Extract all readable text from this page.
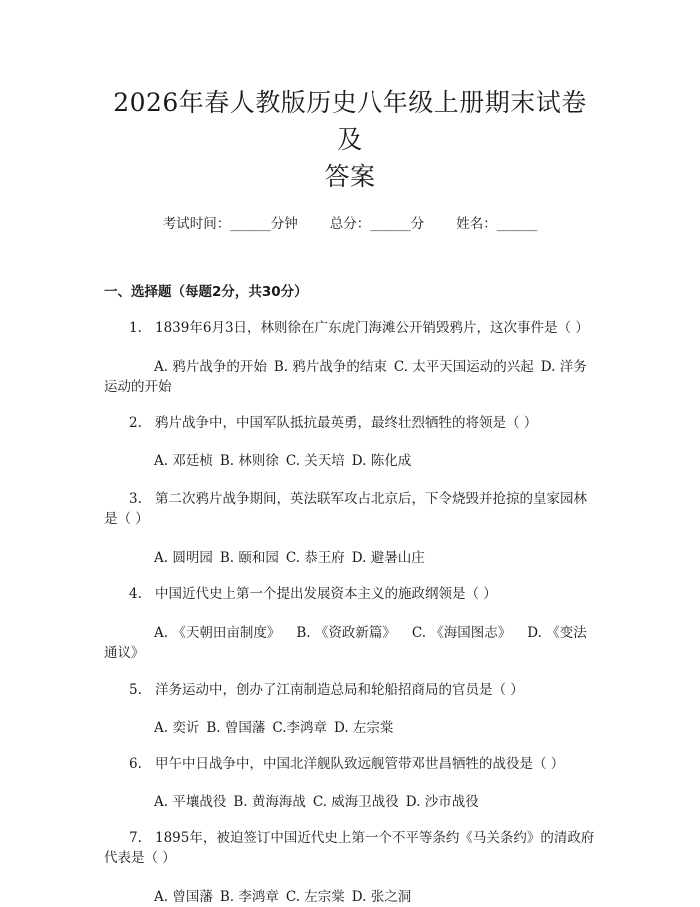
2026年春人教版历史八年级上册期末试卷及
答案
考试时间：______分钟 总分：______分 姓名：______
一、选择题（每题2分，共30分）

1. 1839年6月3日，林则徐在广东虎门海滩公开销毁鸦片，这次事件是（ ）

A. 鸦片战争的开始 B. 鸦片战争的结束 C. 太平天国运动的兴起 D. 洋务运动的开始

2. 鸦片战争中，中国军队抵抗最英勇，最终壮烈牺牲的将领是（ ）

A. 邓廷桢 B. 林则徐 C. 关天培 D. 陈化成

3. 第二次鸦片战争期间，英法联军攻占北京后，下令烧毁并抢掠的皇家园林是（ ）

A. 圆明园 B. 颐和园 C. 恭王府 D. 避暑山庄

4. 中国近代史上第一个提出发展资本主义的施政纲领是（ ）

A. 《天朝田亩制度》 B. 《资政新篇》 C. 《海国图志》 D. 《变法通议》

5. 洋务运动中，创办了江南制造总局和轮船招商局的官员是（ ）

A. 奕䜣 B. 曾国藩 C.李鸿章 D. 左宗棠

6. 甲午中日战争中，中国北洋舰队致远舰管带邓世昌牺牲的战役是（ ）

A. 平壤战役 B. 黄海海战 C. 威海卫战役 D. 沙市战役

7. 1895年，被迫签订中国近代史上第一个不平等条约《马关条约》的清政府代表是（ ）

A. 曾国藩 B. 李鸿章 C. 左宗棠 D. 张之洞
